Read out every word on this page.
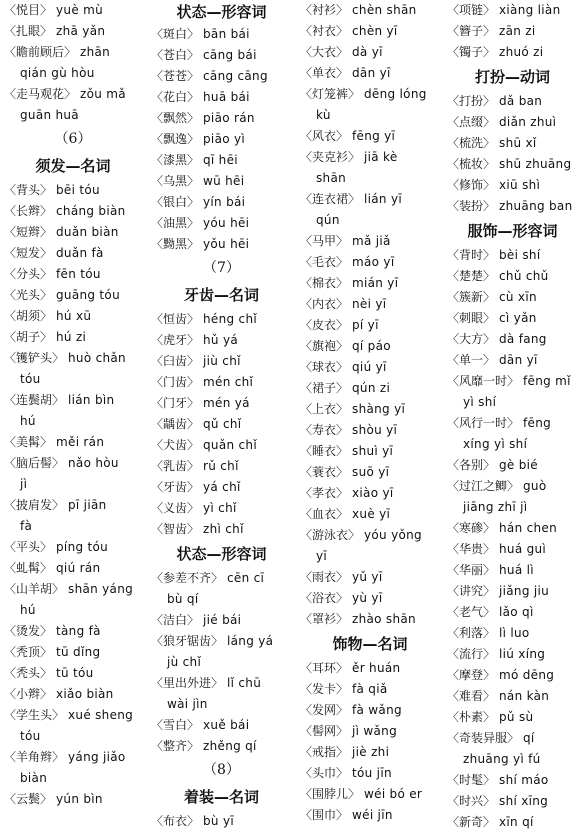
〈悦目〉 yuè mù
〈扎眼〉 zhā yǎn
〈瞻前顾后〉 zhān
qián gù hòu
〈走马观花〉 zǒu mǎ
guān huā
（6）
须发—名词
〈背头〉 bēi tóu
〈长辫〉 cháng biàn
〈短辫〉 duǎn biàn
〈短发〉 duǎn fà
〈分头〉 fēn tóu
〈光头〉 guāng tóu
〈胡须〉 hú xū
〈胡子〉 hú zi
〈镬铲头〉 huò chǎn
tóu
〈连鬓胡〉 lián bìn
hú
〈美髯〉 měi rán
〈脑后髻〉 nǎo hòu
jì
〈披肩发〉 pī jiān
fà
〈平头〉 píng tóu
〈虬髯〉 qiú rán
〈山羊胡〉 shān yáng
hú
〈烫发〉 tàng fà
〈秃顶〉 tū dǐng
〈秃头〉 tū tóu
〈小辫〉 xiǎo biàn
〈学生头〉 xué sheng
tóu
〈羊角辫〉 yáng jiǎo
biàn
〈云鬓〉 yún bìn
状态—形容词
〈斑白〉 bān bái
〈苍白〉 cāng bái
〈苍苍〉 cāng cāng
〈花白〉 huā bái
〈飘然〉 piāo rán
〈飘逸〉 piāo yì
〈漆黑〉 qī hēi
〈乌黑〉 wū hēi
〈银白〉 yín bái
〈油黑〉 yóu hēi
〈黝黑〉 yǒu hēi
（7）
牙齿—名词
〈恒齿〉 héng chǐ
〈虎牙〉 hǔ yá
〈臼齿〉 jiù chǐ
〈门齿〉 mén chǐ
〈门牙〉 mén yá
〈龋齿〉 qǔ chǐ
〈犬齿〉 quǎn chǐ
〈乳齿〉 rǔ chǐ
〈牙齿〉 yá chǐ
〈义齿〉 yì chǐ
〈智齿〉 zhì chǐ
状态—形容词
〈参差不齐〉 cēn cī
bù qí
〈洁白〉 jié bái
〈狼牙锯齿〉 láng yá
jù chǐ
〈里出外进〉 lǐ chū
wài jìn
〈雪白〉 xuě bái
〈整齐〉 zhěng qí
（8）
着装—名词
〈布衣〉 bù yī
〈衬衫〉 chèn shān
〈衬衣〉 chèn yī
〈大衣〉 dà yī
〈单衣〉 dān yī
〈灯笼裤〉 dēng lóng
kù
〈风衣〉 fēng yī
〈夹克衫〉 jiā kè
shān
〈连衣裙〉 lián yī
qún
〈马甲〉 mǎ jiǎ
〈毛衣〉 máo yī
〈棉衣〉 mián yī
〈内衣〉 nèi yī
〈皮衣〉 pí yī
〈旗袍〉 qí páo
〈球衣〉 qiú yī
〈裙子〉 qún zi
〈上衣〉 shàng yī
〈寿衣〉 shòu yī
〈睡衣〉 shuì yī
〈蓑衣〉 suō yī
〈孝衣〉 xiào yī
〈血衣〉 xuè yī
〈游泳衣〉 yóu yǒng
yī
〈雨衣〉 yǔ yī
〈浴衣〉 yù yī
〈罩衫〉 zhào shān
饰物—名词
〈耳环〉 ěr huán
〈发卡〉 fà qiǎ
〈发网〉 fà wǎng
〈髻网〉 jì wǎng
〈戒指〉 jiè zhi
〈头巾〉 tóu jīn
〈围脖儿〉 wéi bó er
〈围巾〉 wéi jīn
〈项链〉 xiàng liàn
〈簪子〉 zān zi
〈镯子〉 zhuó zi
打扮—动词
〈打扮〉 dǎ ban
〈点缀〉 diǎn zhuì
〈梳洗〉 shū xǐ
〈梳妆〉 shū zhuāng
〈修饰〉 xiū shì
〈装扮〉 zhuāng ban
服饰—形容词
〈背时〉 bèi shí
〈楚楚〉 chǔ chǔ
〈簇新〉 cù xīn
〈刺眼〉 cì yǎn
〈大方〉 dà fang
〈单一〉 dān yī
〈风靡一时〉 fēng mǐ
yì shí
〈风行一时〉 fēng
xíng yì shí
〈各别〉 gè bié
〈过江之鲫〉 guò
jiāng zhī jì
〈寒碜〉 hán chen
〈华贵〉 huá guì
〈华丽〉 huá lì
〈讲究〉 jiǎng jiu
〈老气〉 lǎo qì
〈利落〉 lì luo
〈流行〉 liú xíng
〈摩登〉 mó dēng
〈难看〉 nán kàn
〈朴素〉 pǔ sù
〈奇装异服〉 qí
zhuāng yì fú
〈时髦〉 shí máo
〈时兴〉 shí xīng
〈新奇〉 xīn qí
